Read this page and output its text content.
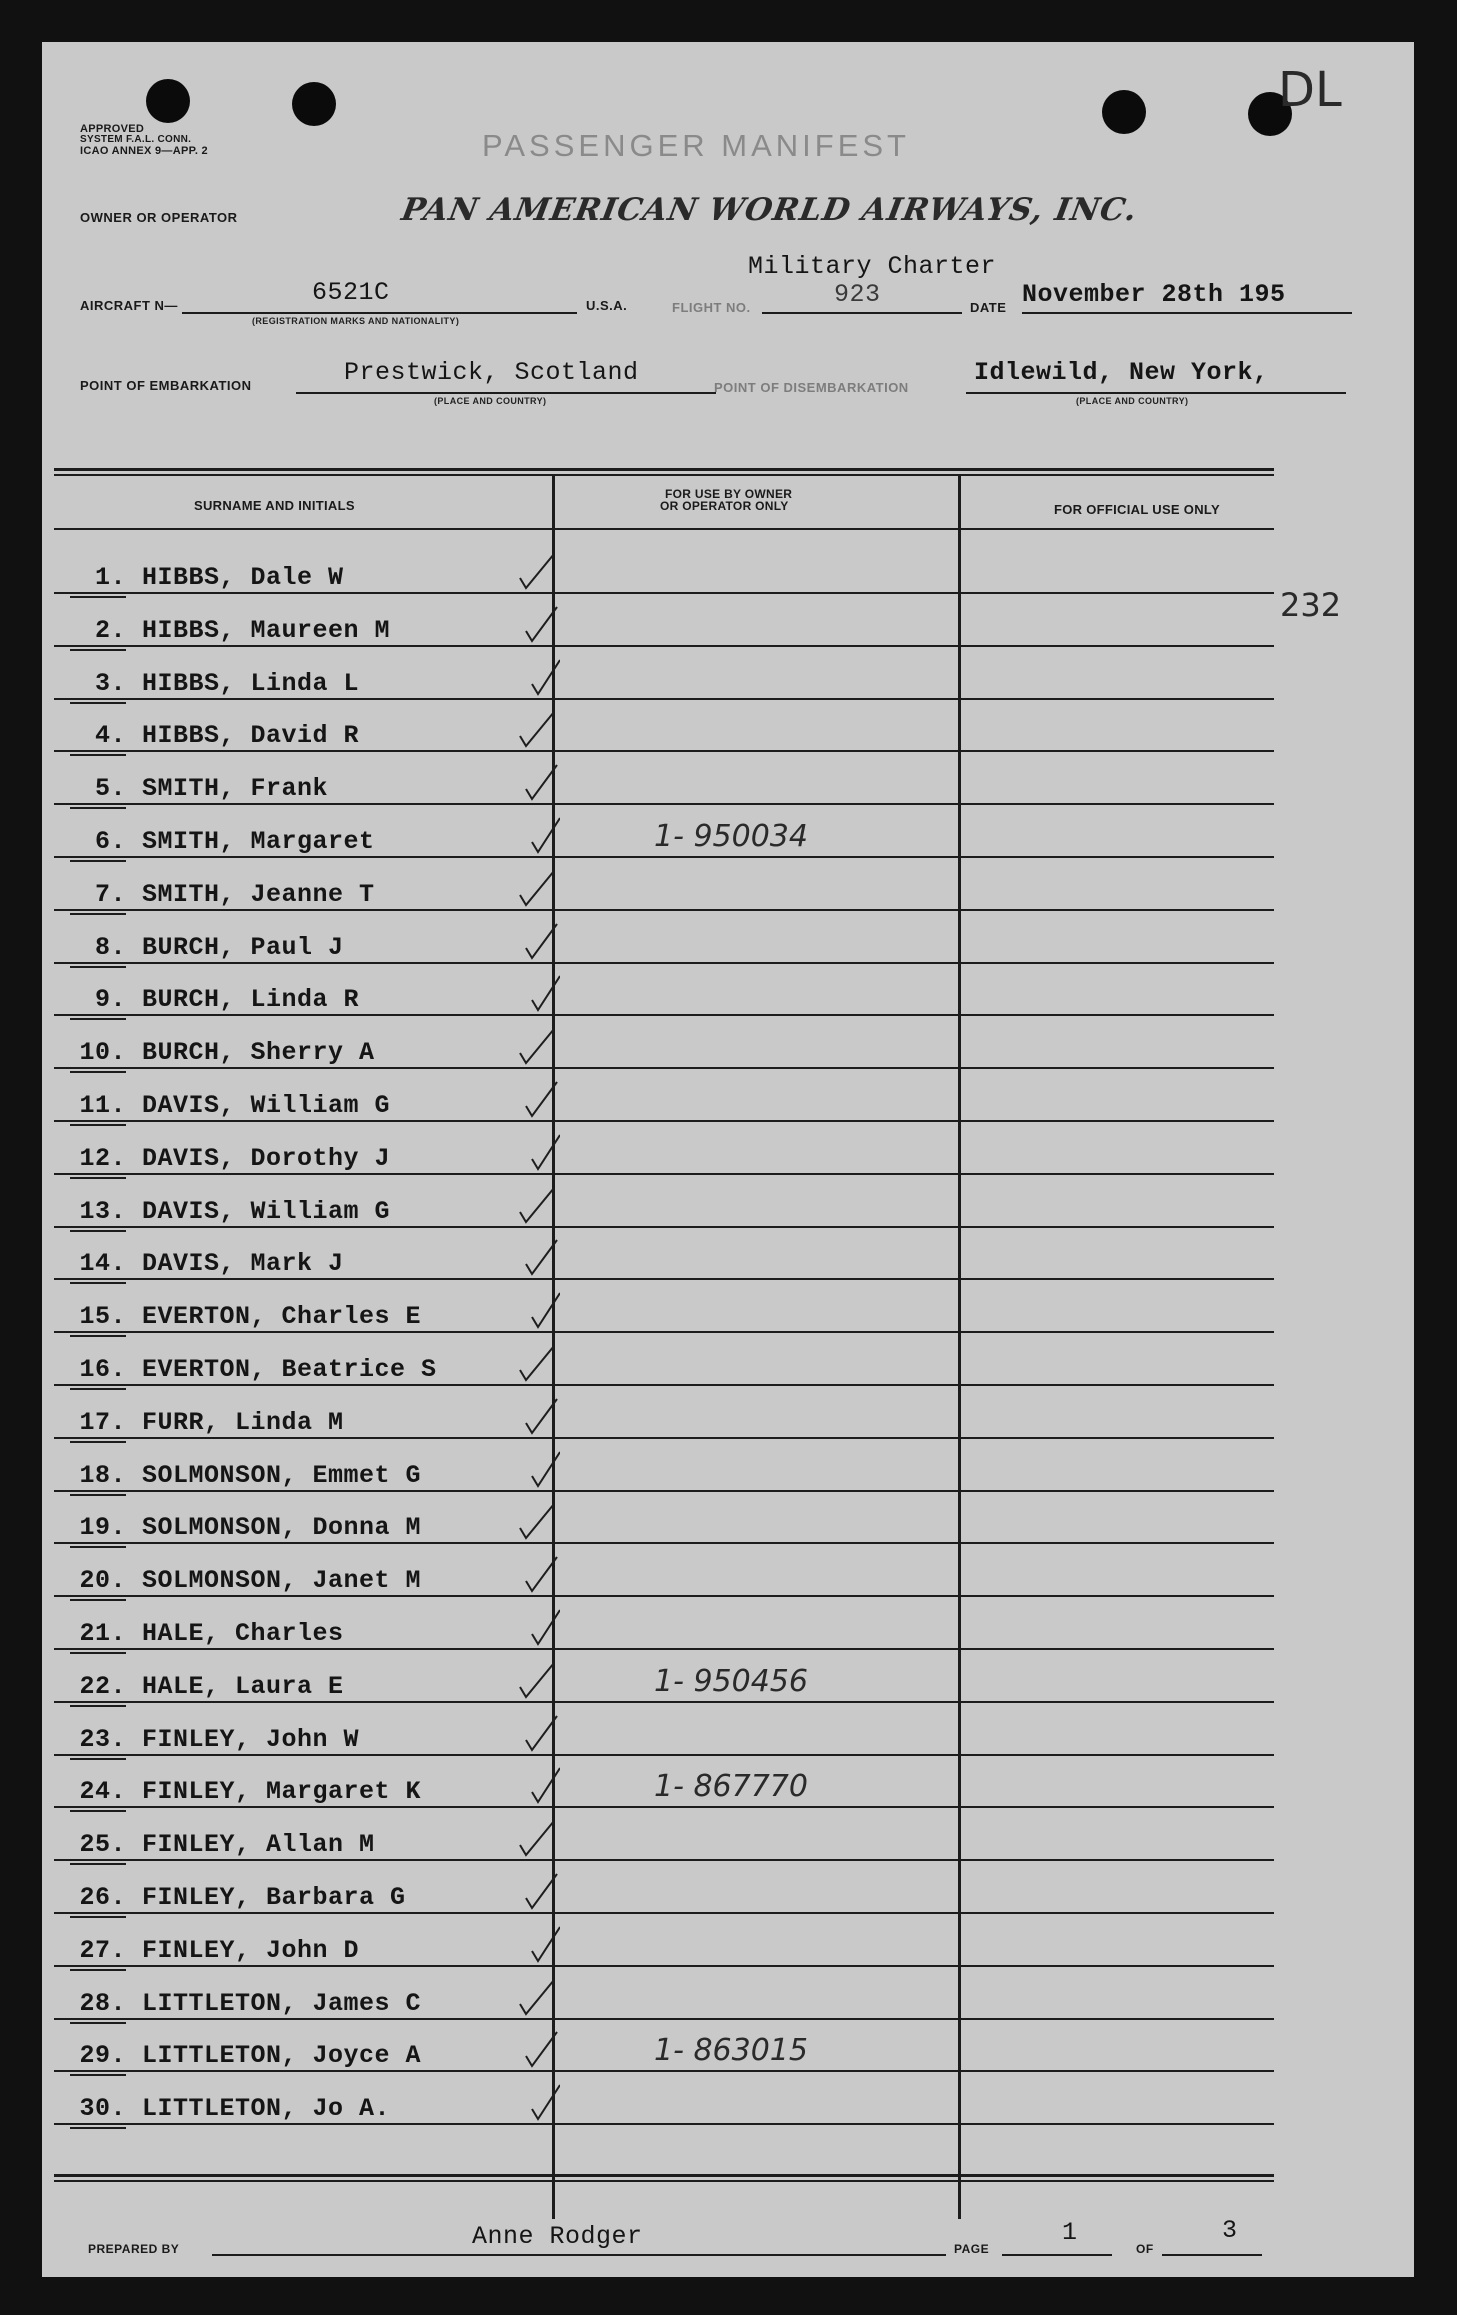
APPROVED
SYSTEM F.A.L. CONN.
ICAO ANNEX 9—APP. 2	PASSENGER MANIFEST
DL
OWNER OR OPERATOR	PAN AMERICAN WORLD AIRWAYS, INC.
AIRCRAFT N—	6521C
(REGISTRATION MARKS AND NATIONALITY)
U.S.A.	FLIGHT NO.
Military Charter
923	DATE November 28th 195
POINT OF EMBARKATION	Prestwick, Scotland
(PLACE AND COUNTRY)
POINT OF DISEMBARKATION
Idlewild, New York,
(PLACE AND COUNTRY)
SURNAME AND INITIALS
FOR USE BY OWNER
OR OPERATOR ONLY	FOR OFFICIAL USE ONLY
232
1. HIBBS, Dale W
2. HIBBS, Maureen M
3. HIBBS, Linda L
4. HIBBS, David R
5. SMITH, Frank
6. SMITH, Margaret	1- 950034
7. SMITH, Jeanne T
8. BURCH, Paul J
9. BURCH, Linda R
10. BURCH, Sherry A
11. DAVIS, William G
12. DAVIS, Dorothy J
13. DAVIS, William G
14. DAVIS, Mark J
15. EVERTON, Charles E
16. EVERTON, Beatrice S
17. FURR, Linda M
18. SOLMONSON, Emmet G
19. SOLMONSON, Donna M
20. SOLMONSON, Janet M
21. HALE, Charles
22. HALE, Laura E	1- 950456
23. FINLEY, John W
24. FINLEY, Margaret K	1- 867770
25. FINLEY, Allan M
26. FINLEY, Barbara G
27. FINLEY, John D
28. LITTLETON, James C
29. LITTLETON, Joyce A	1- 863015
30. LITTLETON, Jo A.
PREPARED BY	Anne Rodger	PAGE
1
OF
3
